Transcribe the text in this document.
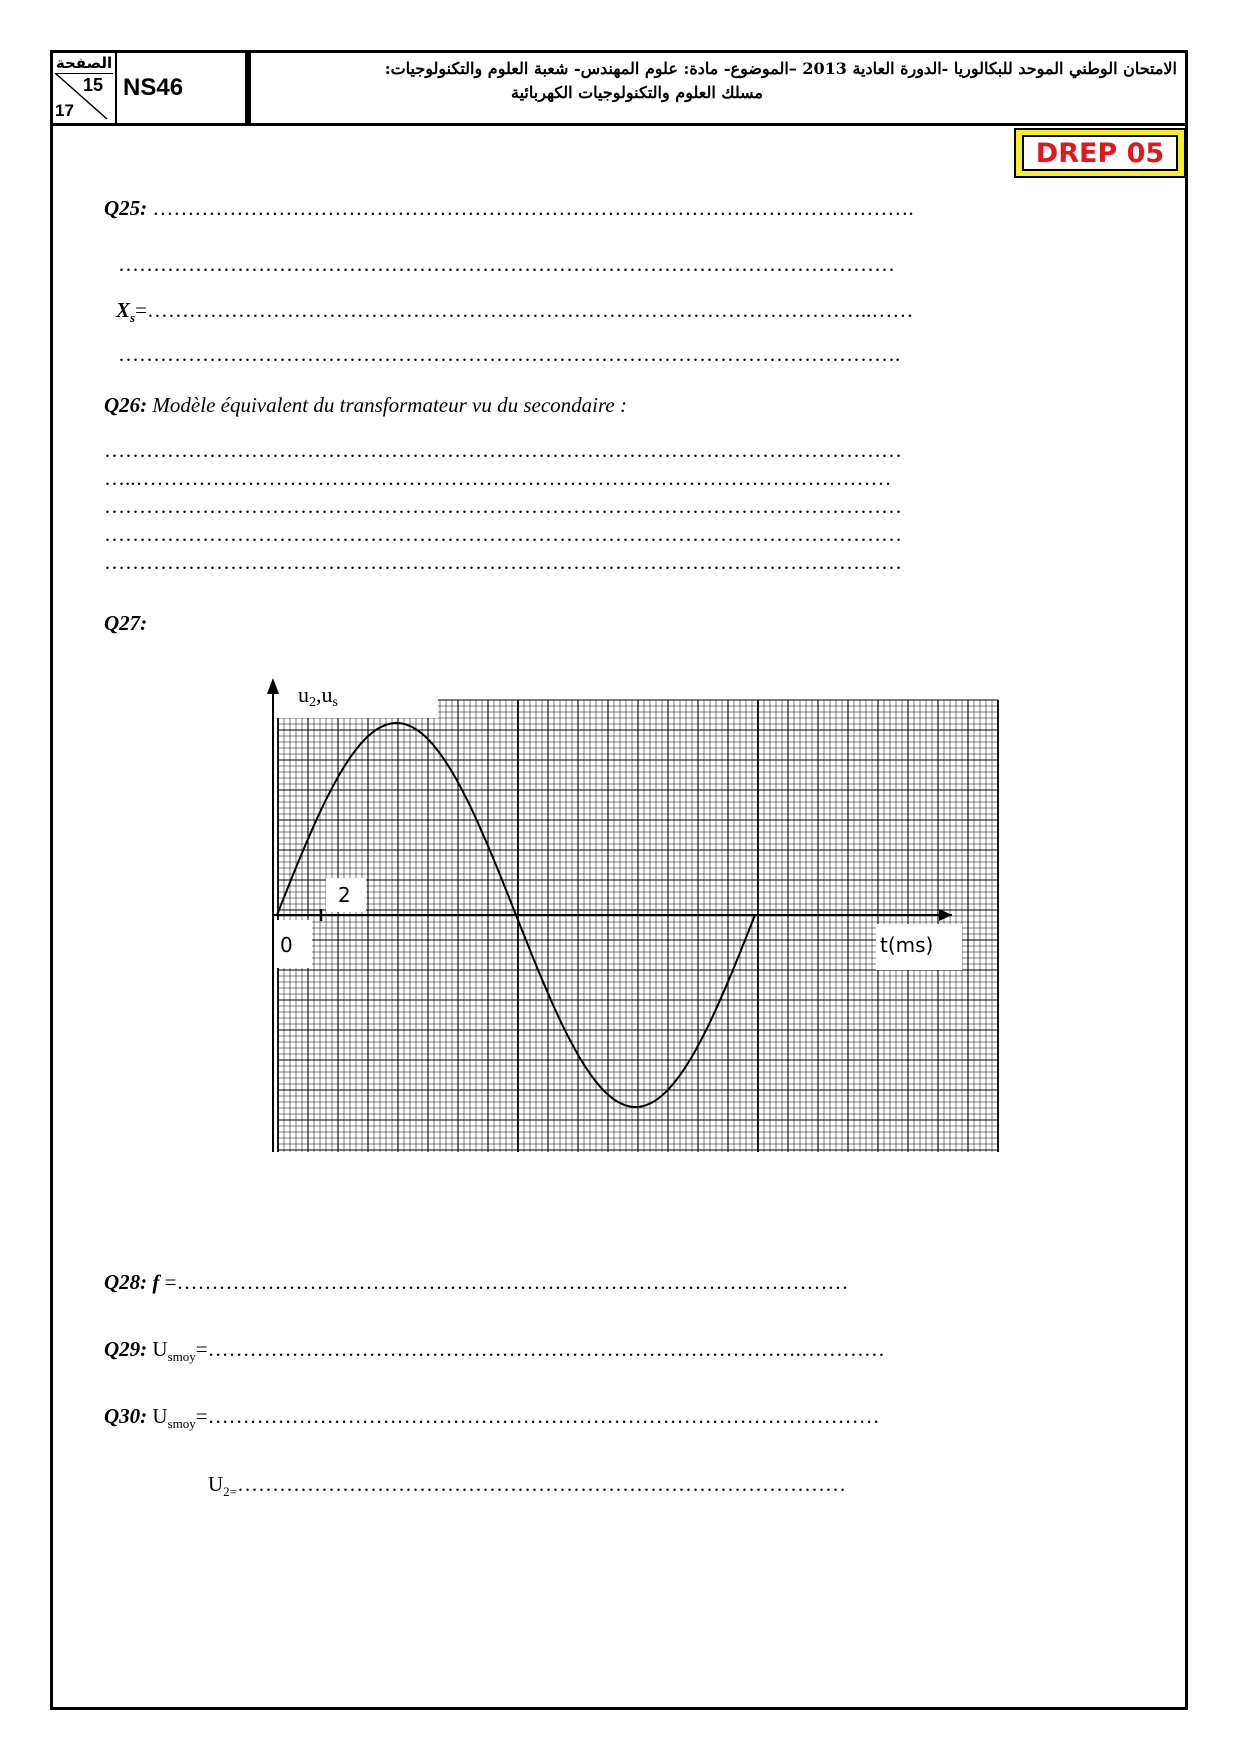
الصفحة
15
17
NS46
الامتحان الوطني الموحد للبكالوريا -الدورة العادية 2013 –الموضوع- مادة: علوم المهندس- شعبة العلوم والتكنولوجيات:
مسلك العلوم والتكنولوجيات الكهربائية
DREP 05
Q25: ……………………………………………………………………………………………….
…………………………………………………………………………………………………
$X_s=\dots\dots\dots\dots\dots\dots\dots\dots\dots\dots\dots\dots\dots\dots\dots\dots\dots\dots\dots\dots\dots\dots\dots\dots\dots\dots\dots\dots\dots\dots\dots\dots\dots\dots..\dots\dots$
………………………………………………………………………………………………….
Q26: Modèle équivalent du transformateur vu du secondaire :
……………………………………………………………………………………………………
…..………………………………………………………………………………………………
……………………………………………………………………………………………………
……………………………………………………………………………………………………
……………………………………………………………………………………………………
Q27:
u2,us
0
2
t(ms)
Q28: f =……………………………………………………………………………………
Q29: $U_{smoy}=\dots\dots\dots\dots\dots\dots\dots\dots\dots\dots\dots\dots\dots\dots\dots\dots\dots\dots\dots\dots\dots\dots\dots\dots\dots\dots\dots\dots.\dots\dots\dots\dots$
Q30: $U_{smoy}=\dots\dots\dots\dots\dots\dots\dots\dots\dots\dots\dots\dots\dots\dots\dots\dots\dots\dots\dots\dots\dots\dots\dots\dots\dots\dots\dots\dots\dots\dots\dots\dots$
$U_{2=}\dots\dots\dots\dots\dots\dots\dots\dots\dots\dots\dots\dots\dots\dots\dots\dots\dots\dots\dots\dots\dots\dots\dots\dots\dots\dots\dots\dots\dots$
